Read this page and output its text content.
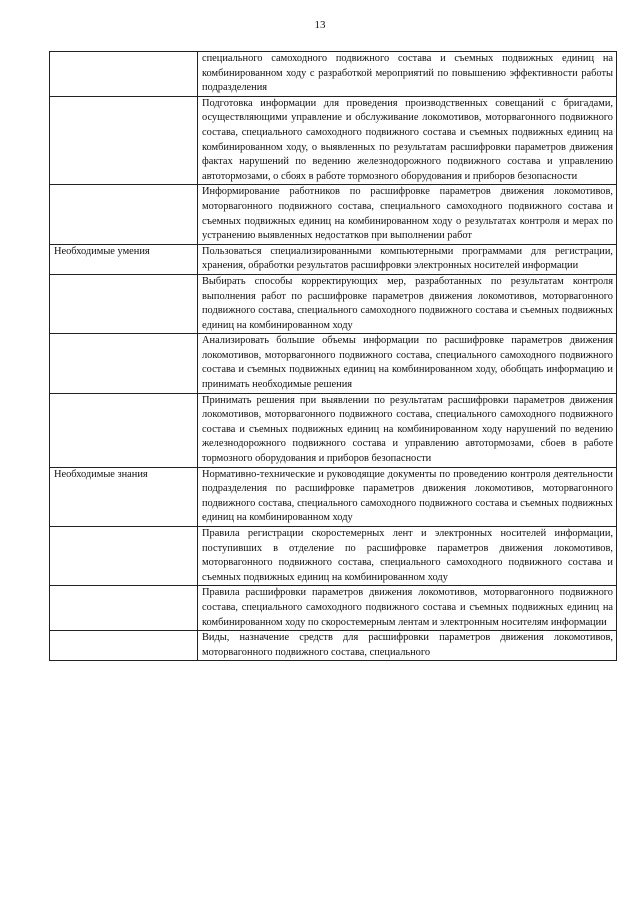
13
	специального самоходного подвижного состава и съемных подвижных единиц на комбинированном ходу с разработкой мероприятий по повышению эффективности работы подразделения
	Подготовка информации для проведения производственных совещаний с бригадами, осуществляющими управление и обслуживание локомотивов, моторвагонного подвижного состава, специального самоходного подвижного состава и съемных подвижных единиц на комбинированном ходу, о выявленных по результатам расшифровки параметров движения фактах нарушений по ведению железнодорожного подвижного состава и управлению автотормозами, о сбоях в работе тормозного оборудования и приборов безопасности
	Информирование работников по расшифровке параметров движения локомотивов, моторвагонного подвижного состава, специального самоходного подвижного состава и съемных подвижных единиц на комбинированном ходу о результатах контроля и мерах по устранению выявленных недостатков при выполнении работ
Необходимые умения	Пользоваться специализированными компьютерными программами для регистрации, хранения, обработки результатов расшифровки электронных носителей информации
	Выбирать способы корректирующих мер, разработанных по результатам контроля выполнения работ по расшифровке параметров движения локомотивов, моторвагонного подвижного состава, специального самоходного подвижного состава и съемных подвижных единиц на комбинированном ходу
	Анализировать большие объемы информации по расшифровке параметров движения локомотивов, моторвагонного подвижного состава, специального самоходного подвижного состава и съемных подвижных единиц на комбинированном ходу, обобщать информацию и принимать необходимые решения
	Принимать решения при выявлении по результатам расшифровки параметров движения локомотивов, моторвагонного подвижного состава, специального самоходного подвижного состава и съемных подвижных единиц на комбинированном ходу нарушений по ведению железнодорожного подвижного состава и управлению автотормозами, сбоев в работе тормозного оборудования и приборов безопасности
Необходимые знания	Нормативно-технические и руководящие документы по проведению контроля деятельности подразделения по расшифровке параметров движения локомотивов, моторвагонного подвижного состава, специального самоходного подвижного состава и съемных подвижных единиц на комбинированном ходу
	Правила регистрации скоростемерных лент и электронных носителей информации, поступивших в отделение по расшифровке параметров движения локомотивов, моторвагонного подвижного состава, специального самоходного подвижного состава и съемных подвижных единиц на комбинированном ходу
	Правила расшифровки параметров движения локомотивов, моторвагонного подвижного состава, специального самоходного подвижного состава и съемных подвижных единиц на комбинированном ходу по скоростемерным лентам и электронным носителям информации
	Виды, назначение средств для расшифровки параметров движения локомотивов, моторвагонного подвижного состава, специального
